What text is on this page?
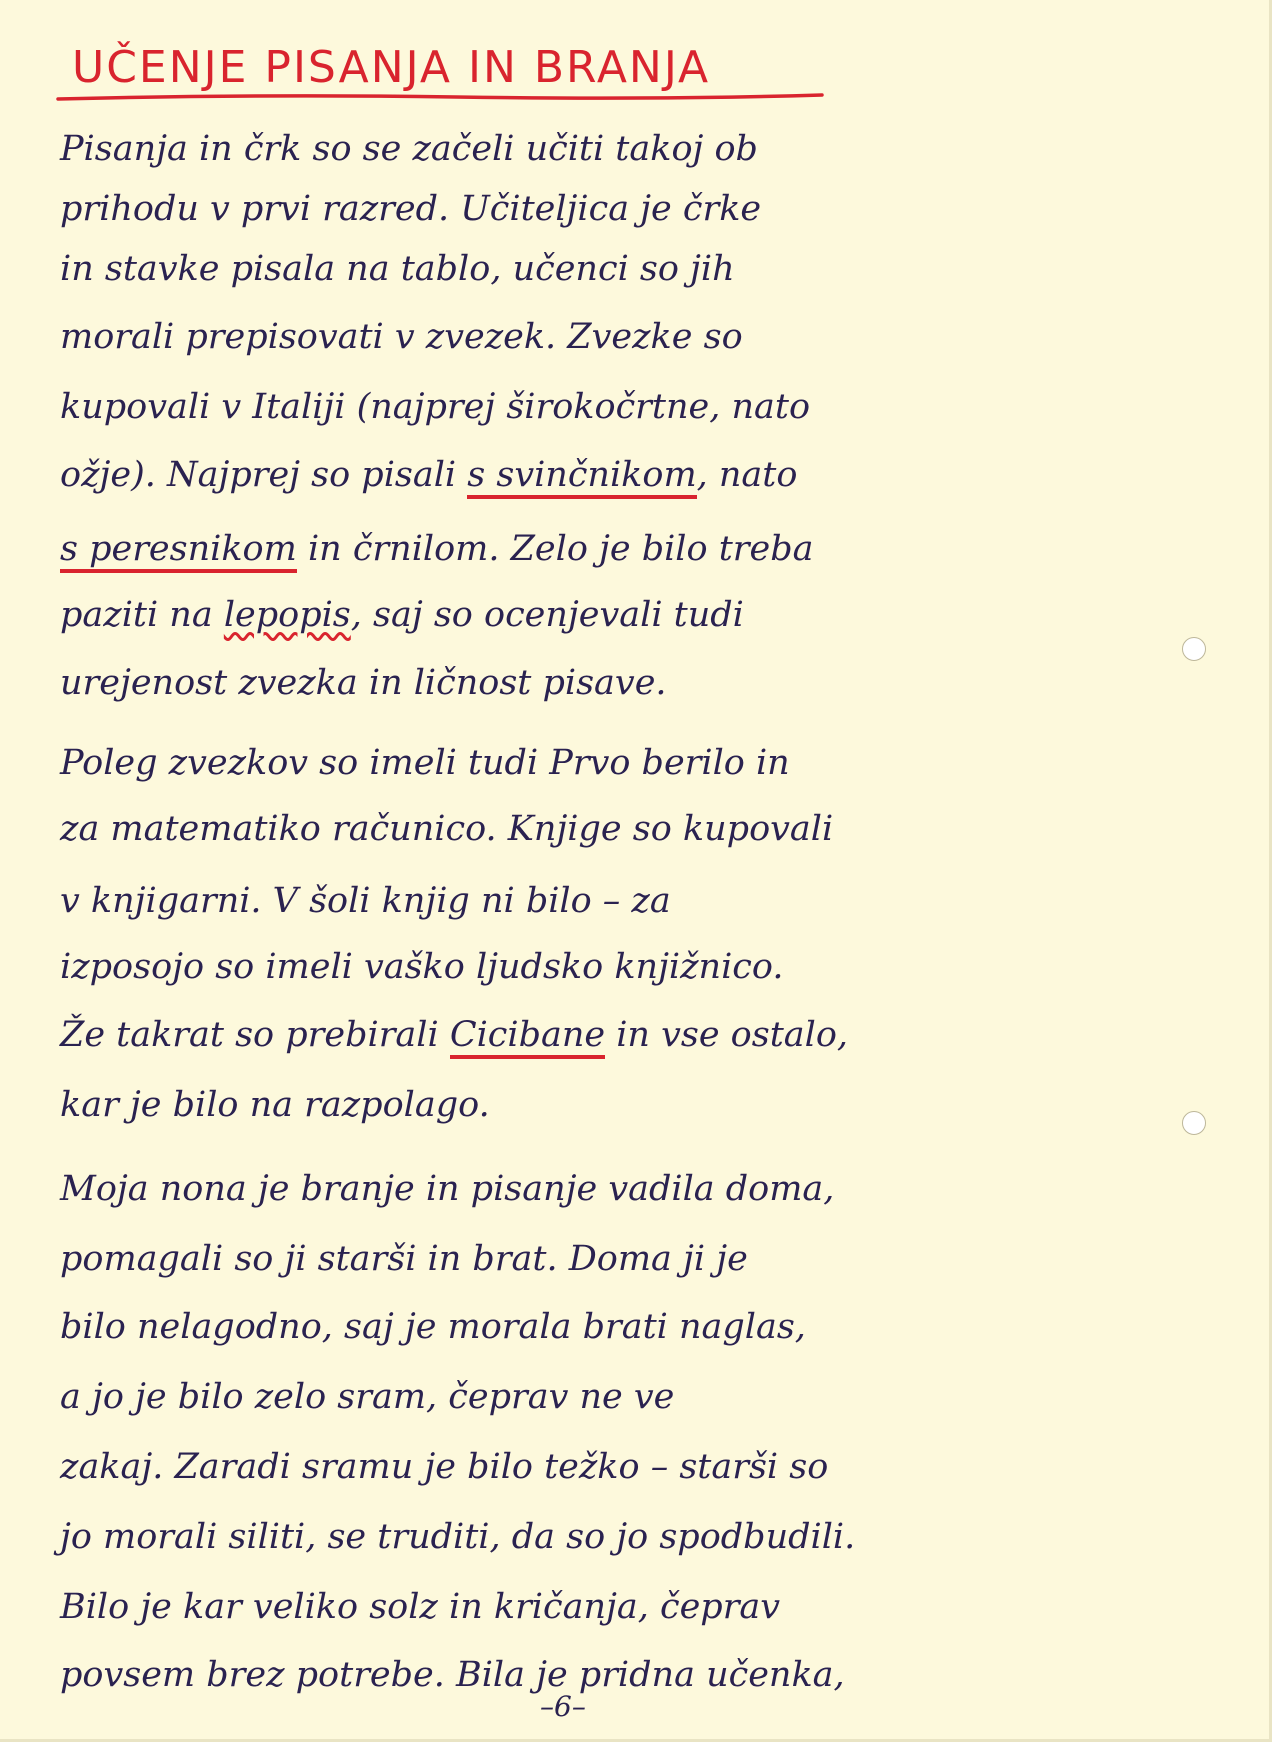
UČENJE PISANJA IN BRANJA
Pisanja in črk so se začeli učiti takoj ob
prihodu v prvi razred. Učiteljica je črke
in stavke pisala na tablo, učenci so jih
morali prepisovati v zvezek. Zvezke so
kupovali v Italiji (najprej širokočrtne, nato
ožje). Najprej so pisali s svinčnikom, nato
s peresnikom in črnilom. Zelo je bilo treba
paziti na lepopis, saj so ocenjevali tudi
urejenost zvezka in ličnost pisave.
Poleg zvezkov so imeli tudi Prvo berilo in
za matematiko računico. Knjige so kupovali
v knjigarni. V šoli knjig ni bilo – za
izposojo so imeli vaško ljudsko knjižnico.
Že takrat so prebirali Cicibane in vse ostalo,
kar je bilo na razpolago.
Moja nona je branje in pisanje vadila doma,
pomagali so ji starši in brat. Doma ji je
bilo nelagodno, saj je morala brati naglas,
a jo je bilo zelo sram, čeprav ne ve
zakaj. Zaradi sramu je bilo težko – starši so
jo morali siliti, se truditi, da so jo spodbudili.
Bilo je kar veliko solz in kričanja, čeprav
povsem brez potrebe. Bila je pridna učenka,
–6–
